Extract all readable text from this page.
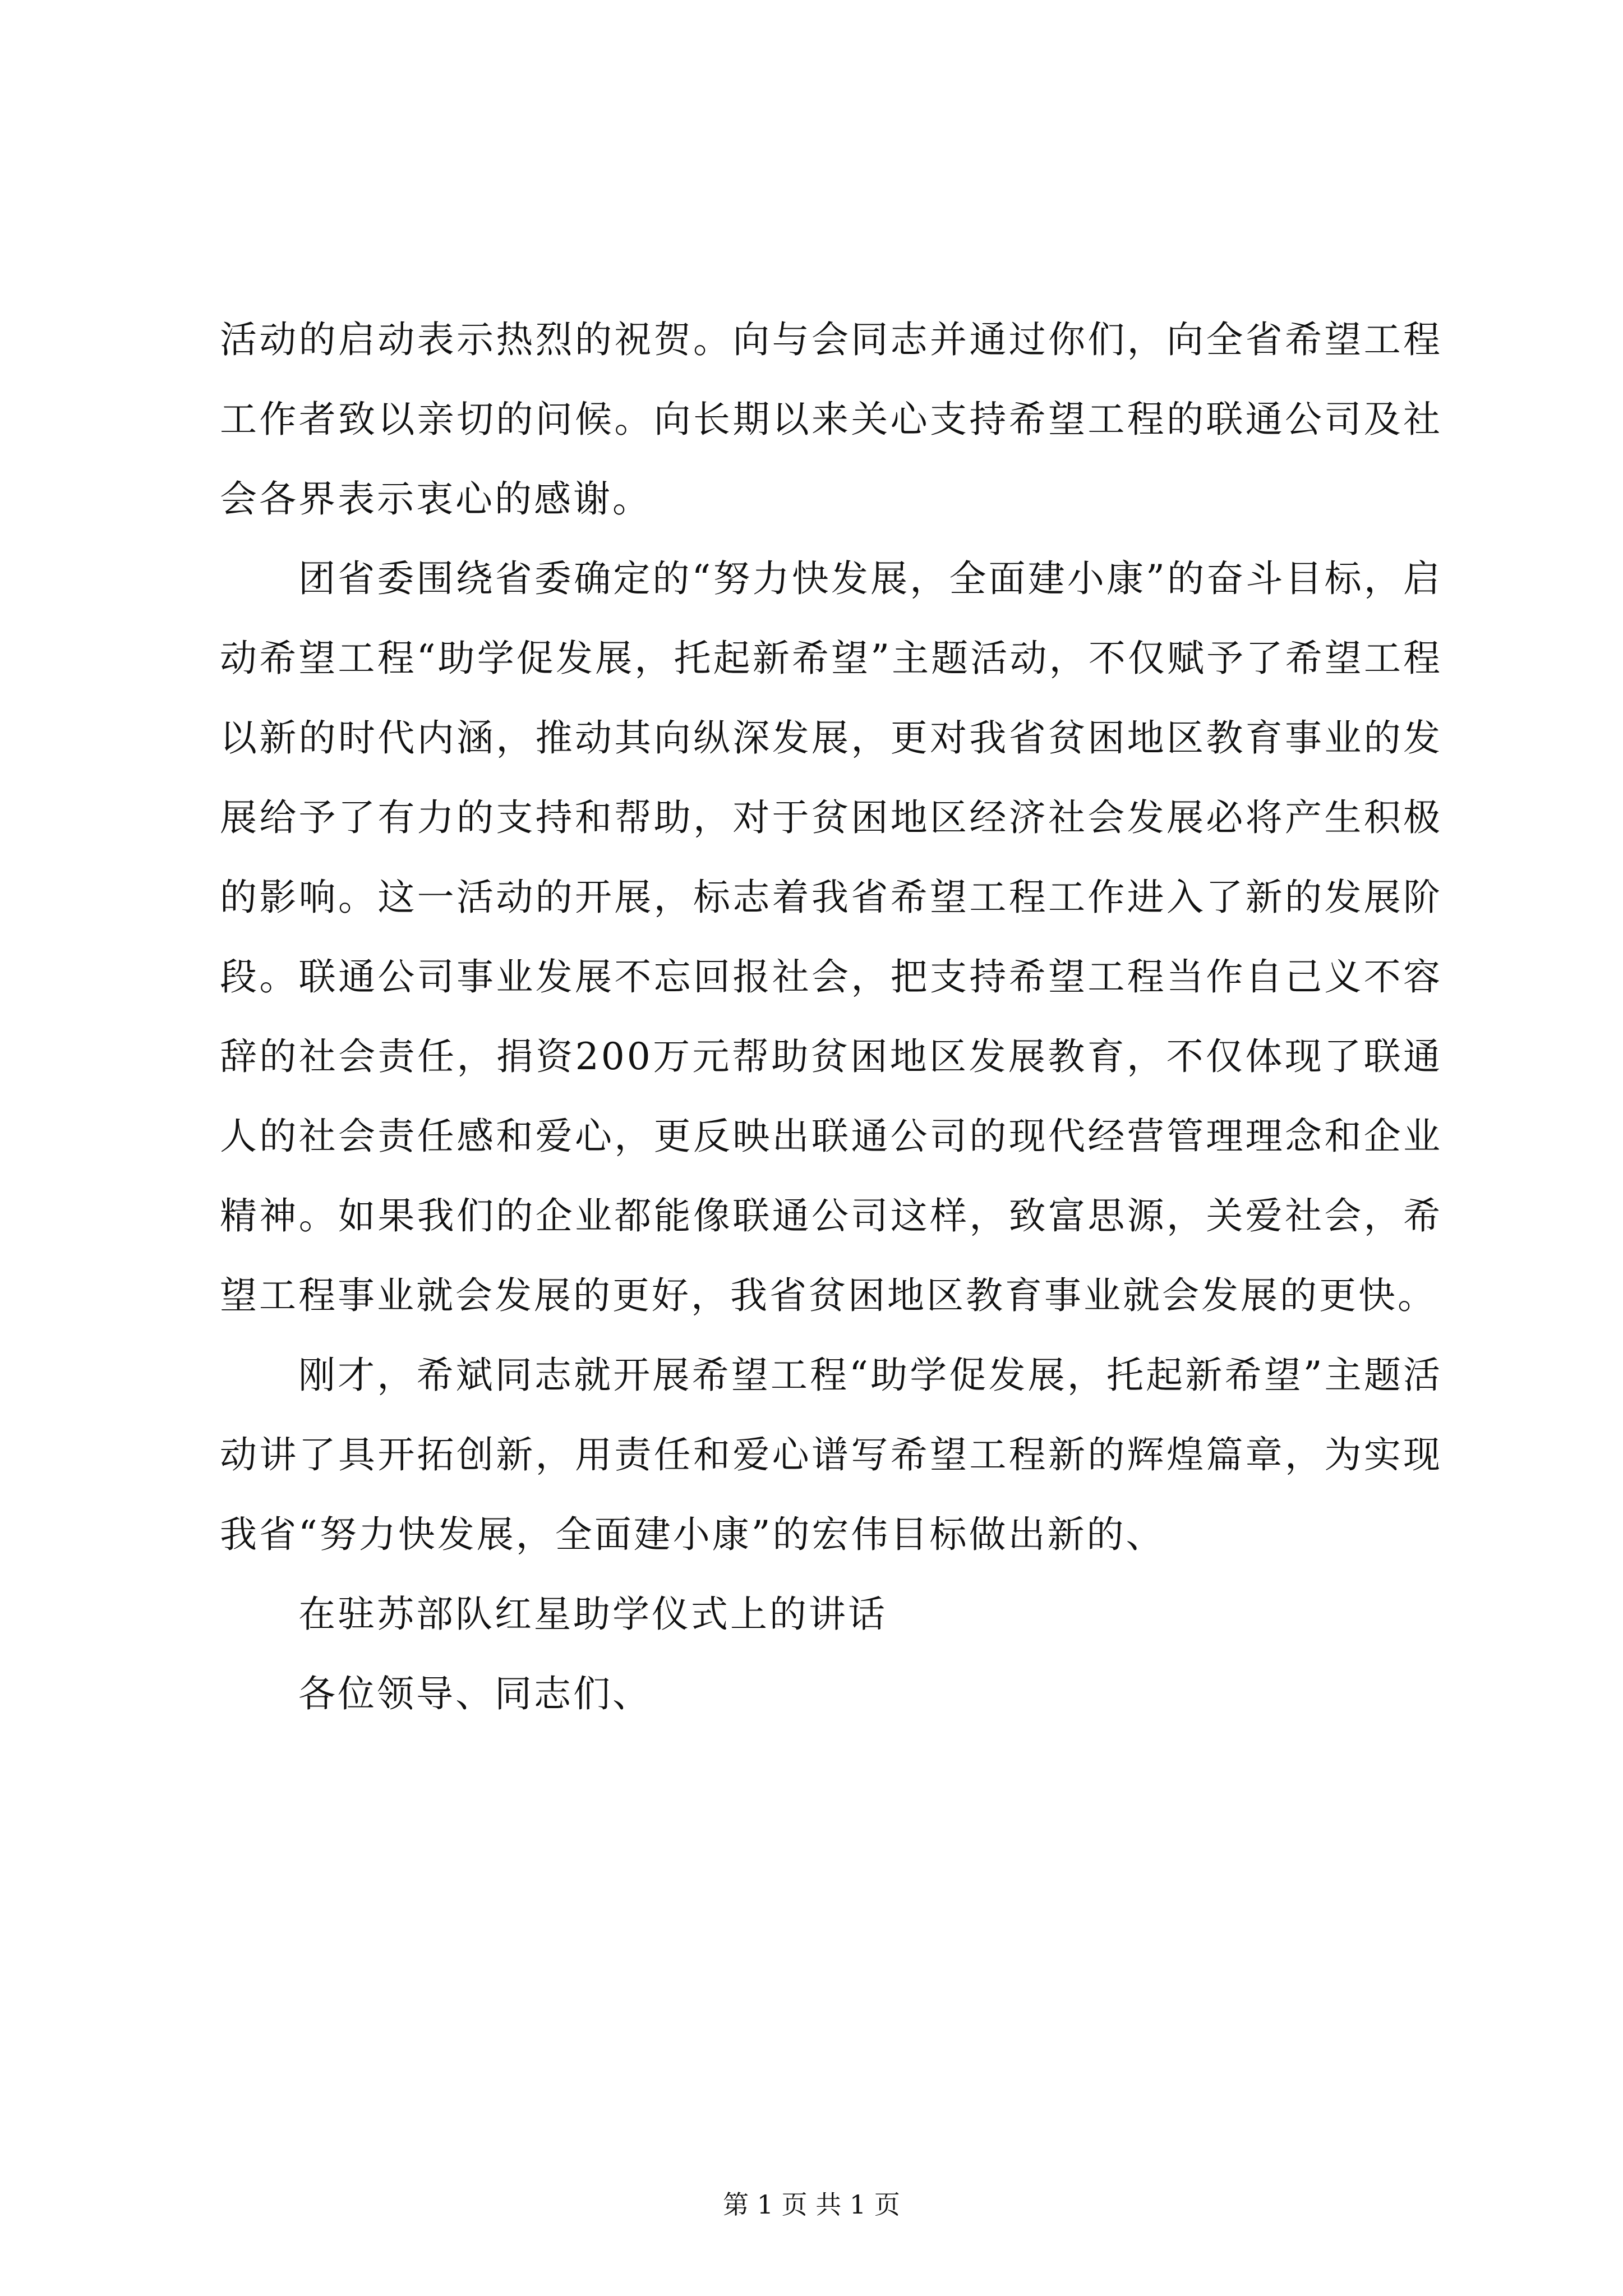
活动的启动表示热烈的祝贺。向与会同志并通过你们，向全省希望工程工作者致以亲切的问候。向长期以来关心支持希望工程的联通公司及社会各界表示衷心的感谢。

团省委围绕省委确定的“努力快发展，全面建小康”的奋斗目标，启动希望工程“助学促发展，托起新希望”主题活动，不仅赋予了希望工程以新的时代内涵，推动其向纵深发展，更对我省贫困地区教育事业的发展给予了有力的支持和帮助，对于贫困地区经济社会发展必将产生积极的影响。这一活动的开展，标志着我省希望工程工作进入了新的发展阶段。联通公司事业发展不忘回报社会，把支持希望工程当作自己义不容辞的社会责任，捐资200万元帮助贫困地区发展教育，不仅体现了联通人的社会责任感和爱心，更反映出联通公司的现代经营管理理念和企业精神。如果我们的企业都能像联通公司这样，致富思源，关爱社会，希望工程事业就会发展的更好，我省贫困地区教育事业就会发展的更快。

刚才，希斌同志就开展希望工程“助学促发展，托起新希望”主题活动讲了具开拓创新，用责任和爱心谱写希望工程新的辉煌篇章，为实现我省“努力快发展，全面建小康”的宏伟目标做出新的、

在驻苏部队红星助学仪式上的讲话

各位领导、同志们、

第 1 页 共 1 页
